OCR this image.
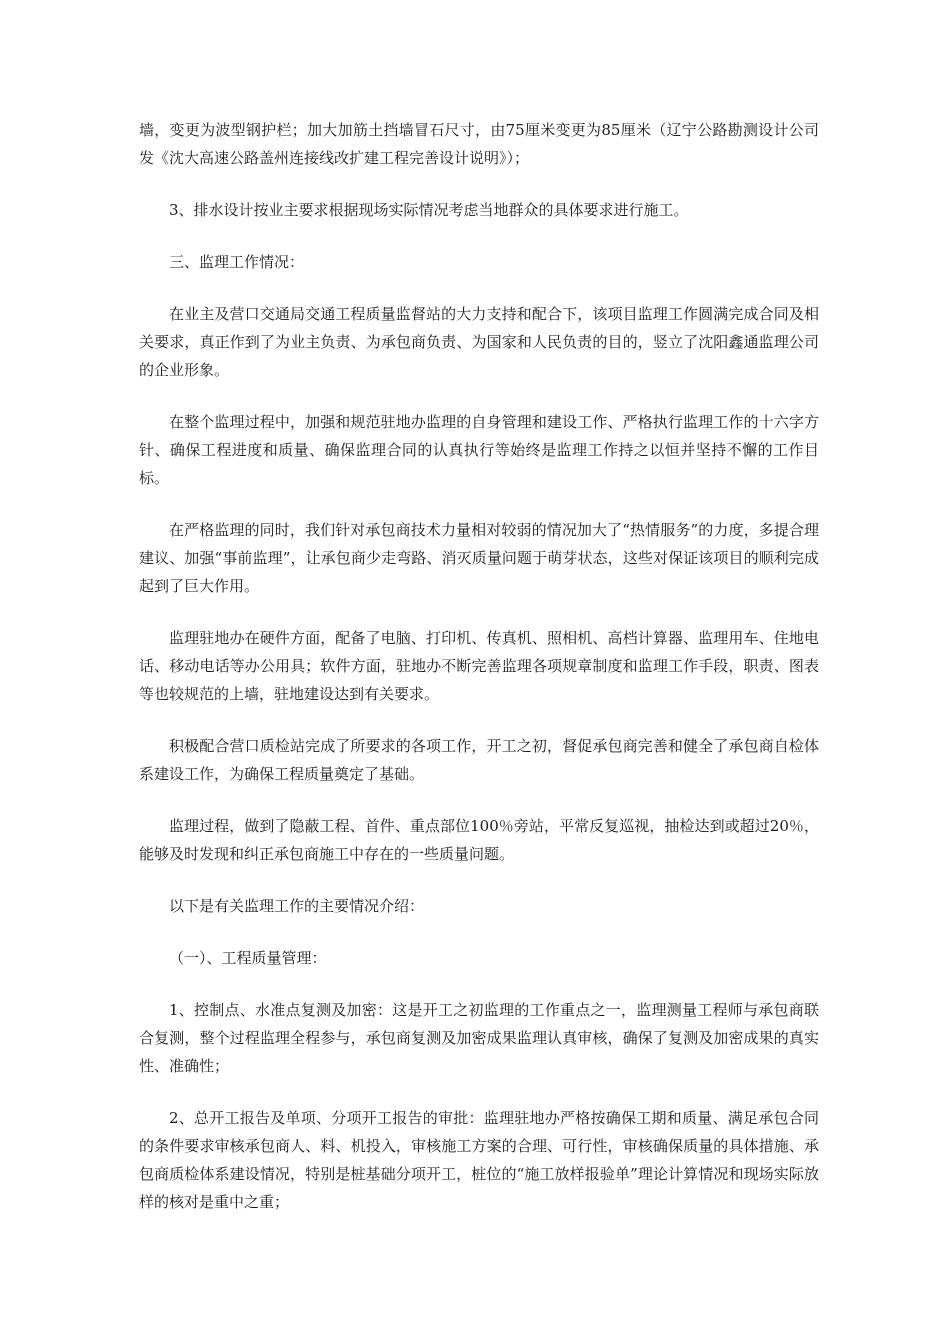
墙，变更为波型钢护栏；加大加筋土挡墙冒石尺寸，由75厘米变更为85厘米（辽宁公路勘测设计公司发《沈大高速公路盖州连接线改扩建工程完善设计说明》）；

3、排水设计按业主要求根据现场实际情况考虑当地群众的具体要求进行施工。

三、监理工作情况：

在业主及营口交通局交通工程质量监督站的大力支持和配合下，该项目监理工作圆满完成合同及相关要求，真正作到了为业主负责、为承包商负责、为国家和人民负责的目的，竖立了沈阳鑫通监理公司的企业形象。

在整个监理过程中，加强和规范驻地办监理的自身管理和建设工作、严格执行监理工作的十六字方针、确保工程进度和质量、确保监理合同的认真执行等始终是监理工作持之以恒并坚持不懈的工作目标。

在严格监理的同时，我们针对承包商技术力量相对较弱的情况加大了“热情服务”的力度，多提合理建议、加强“事前监理”，让承包商少走弯路、消灭质量问题于萌芽状态，这些对保证该项目的顺利完成起到了巨大作用。

监理驻地办在硬件方面，配备了电脑、打印机、传真机、照相机、高档计算器、监理用车、住地电话、移动电话等办公用具；软件方面，驻地办不断完善监理各项规章制度和监理工作手段，职责、图表等也较规范的上墙，驻地建设达到有关要求。

积极配合营口质检站完成了所要求的各项工作，开工之初，督促承包商完善和健全了承包商自检体系建设工作，为确保工程质量奠定了基础。

监理过程，做到了隐蔽工程、首件、重点部位100％旁站，平常反复巡视，抽检达到或超过20％，能够及时发现和纠正承包商施工中存在的一些质量问题。

以下是有关监理工作的主要情况介绍：

（一）、工程质量管理：

1、控制点、水准点复测及加密：这是开工之初监理的工作重点之一，监理测量工程师与承包商联合复测，整个过程监理全程参与，承包商复测及加密成果监理认真审核，确保了复测及加密成果的真实性、准确性；

2、总开工报告及单项、分项开工报告的审批：监理驻地办严格按确保工期和质量、满足承包合同的条件要求审核承包商人、料、机投入，审核施工方案的合理、可行性，审核确保质量的具体措施、承包商质检体系建设情况，特别是桩基础分项开工，桩位的“施工放样报验单”理论计算情况和现场实际放样的核对是重中之重；
